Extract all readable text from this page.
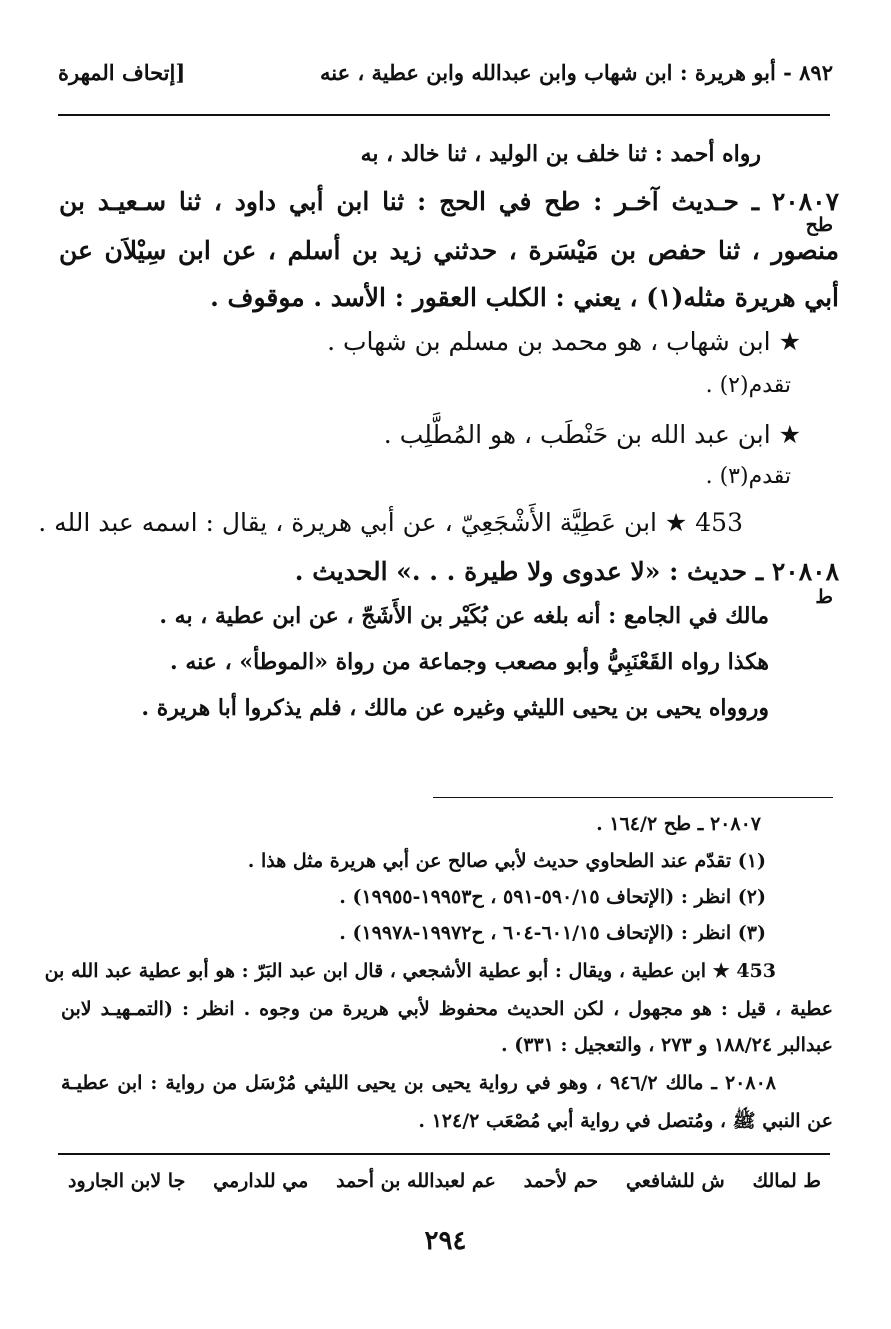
٨٩٢ - أبو هريرة : ابن شهاب وابن عبدالله وابن عطية ، عنه
[إتحاف المهرة
رواه أحمد : ثنا خلف بن الوليد ، ثنا خالد ، به
٢٠٨٠٧ ـ حـديث آخـر : طح في الحج : ثنا ابن أبي داود ، ثنا سـعيـد بن
طح
منصور ، ثنا حفص بن مَيْسَرة ، حدثني زيد بن أسلم ، عن ابن سِيْلاَن عن
أبي هريرة مثله(١) ، يعني : الكلب العقور : الأسد . موقوف .
★ ابن شهاب ، هو محمد بن مسلم بن شهاب .
تقدم(٢) .
★ ابن عبد الله بن حَنْطَب ، هو المُطَّلِب .
تقدم(٣) .
453 ★ ابن عَطِيَّة الأَشْجَعِيّ ، عن أبي هريرة ، يقال : اسمه عبد الله .
٢٠٨٠٨ ـ حديث : «لا عدوى ولا طيرة . . .» الحديث .
ط
مالك في الجامع : أنه بلغه عن بُكَيْر بن الأَشَجّ ، عن ابن عطية ، به .
هكذا رواه القَعْنَبِيُّ وأبو مصعب وجماعة من رواة «الموطأ» ، عنه .
وروواه يحيى بن يحيى الليثي وغيره عن مالك ، فلم يذكروا أبا هريرة .
٢٠٨٠٧ ـ طح ١٦٤/٢ .
(١) تقدّم عند الطحاوي حديث لأبي صالح عن أبي هريرة مثل هذا .
(٢) انظر : (الإتحاف ٥٩٠/١٥-٥٩١ ، ح١٩٩٥٣-١٩٩٥٥) .
(٣) انظر : (الإتحاف ٦٠١/١٥-٦٠٤ ، ح١٩٩٧٢-١٩٩٧٨) .
453 ★ ابن عطية ، ويقال : أبو عطية الأشجعي ، قال ابن عبد البَرّ : هو أبو عطية عبد الله بن
عطية ، قيل : هو مجهول ، لكن الحديث محفوظ لأبي هريرة من وجوه . انظر : (التمـهيـد لابن
عبدالبر ١٨٨/٢٤ و ٢٧٣ ، والتعجيل : ٣٣١) .
٢٠٨٠٨ ـ مالك ٩٤٦/٢ ، وهو في رواية يحيى بن يحيى الليثي مُرْسَل من رواية : ابن عطيـة
عن النبي ﷺ ، ومُتصل في رواية أبي مُصْعَب ١٢٤/٢ .
ط لمالك
ش للشافعي
حم لأحمد
عم لعبدالله بن أحمد
مي للدارمي
جا لابن الجارود
٢٩٤
